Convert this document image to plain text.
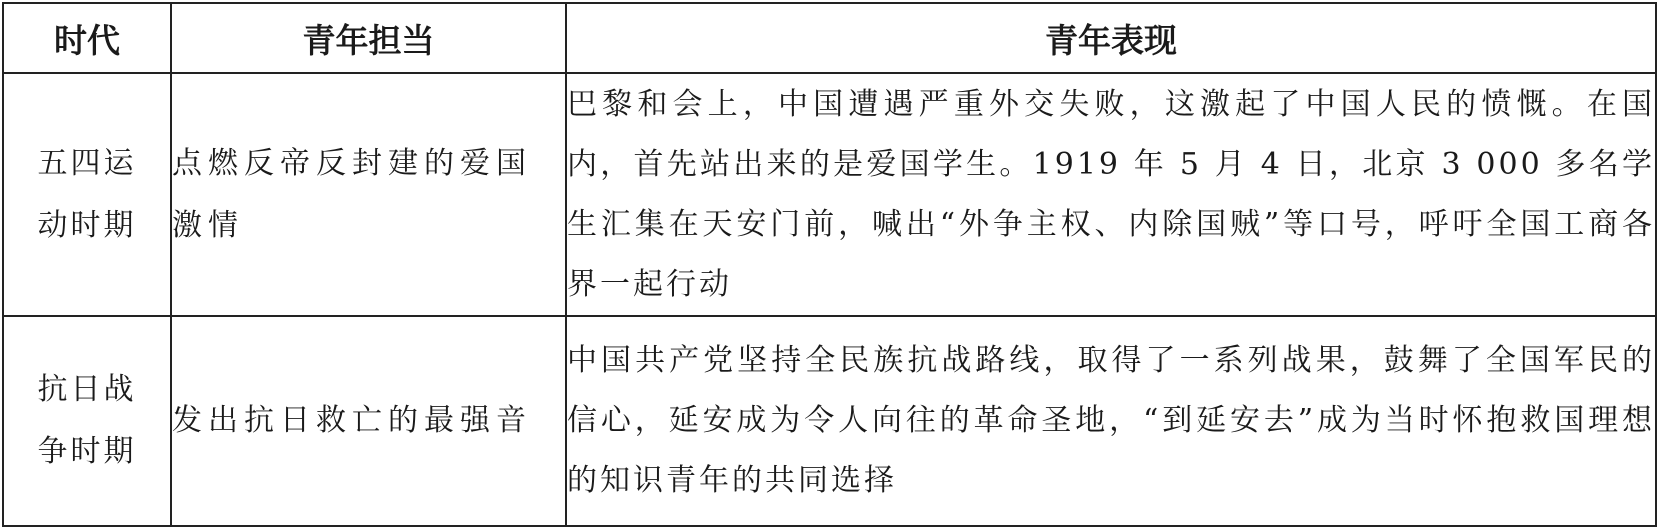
时代	青年担当	青年表现

五四运动时期	点燃反帝反封建的爱国激情	巴黎和会上，中国遭遇严重外交失败，这激起了中国人民的愤慨。在国内，首先站出来的是爱国学生。1919 年 5 月 4 日，北京 3 000 多名学生汇集在天安门前，喊出“外争主权、内除国贼”等口号，呼吁全国工商各界一起行动

抗日战争时期	发出抗日救亡的最强音	中国共产党坚持全民族抗战路线，取得了一系列战果，鼓舞了全国军民的信心，延安成为令人向往的革命圣地，“到延安去”成为当时怀抱救国理想的知识青年的共同选择
